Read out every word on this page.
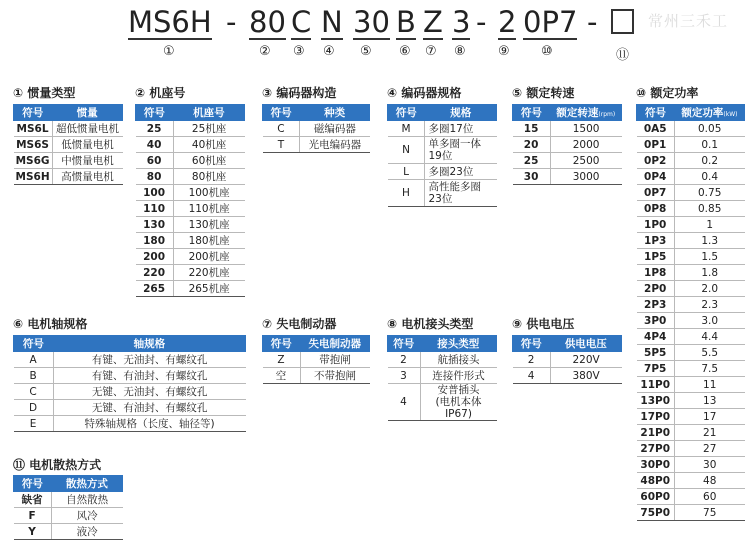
MS6H - 80 C N 30 B Z 3 - 2 0P7 -	常州三禾工
①	② ③ ④ ⑤ ⑥ ⑦ ⑧ ⑨ ⑩	⑪
① 惯量类型	② 机座号	③ 编码器构造	④ 编码器规格	⑤ 额定转速	⑩ 额定功率
⑥ 电机轴规格	⑦ 失电制动器	⑧ 电机接头类型	⑨ 供电电压
⑪ 电机散热方式
符号	惯量
MS6L	超低惯量电机
MS6S	低惯量电机
MS6G	中惯量电机
MS6H	高惯量电机
符号	机座号
25	25机座
40	40机座
60	60机座
80	80机座
100	100机座
110	110机座
130	130机座
180	180机座
200	200机座
220	220机座
265	265机座
符号	种类
C	磁编码器
T	光电编码器
符号	规格
M	多圈17位
N	单多圈一体
19位
L	多圈23位
H	高性能多圈
23位
符号	额定转速(rpm)
15	1500
20	2000
25	2500
30	3000
符号	额定功率(kW)
0A5	0.05
0P1	0.1
0P2	0.2
0P4	0.4
0P7	0.75
0P8	0.85
1P0	1
1P3	1.3
1P5	1.5
1P8	1.8
2P0	2.0
2P3	2.3
3P0	3.0
4P4	4.4
5P5	5.5
7P5	7.5
11P0	11
13P0	13
17P0	17
21P0	21
27P0	27
30P0	30
48P0	48
60P0	60
75P0	75
符号	轴规格
A	有键、无油封、有螺纹孔
B	有键、有油封、有螺纹孔
C	无键、无油封、有螺纹孔
D	无键、有油封、有螺纹孔
E	特殊轴规格（长度、轴径等)
符号	失电制动器
Z	带抱闸
空	不带抱闸
符号	接头类型
2	航插接头
3	连接件形式
4	安普插头
(电机本体IP67)
符号	供电电压
2	220V
4	380V
符号	散热方式
缺省	自然散热
F	风冷
Y	液冷
